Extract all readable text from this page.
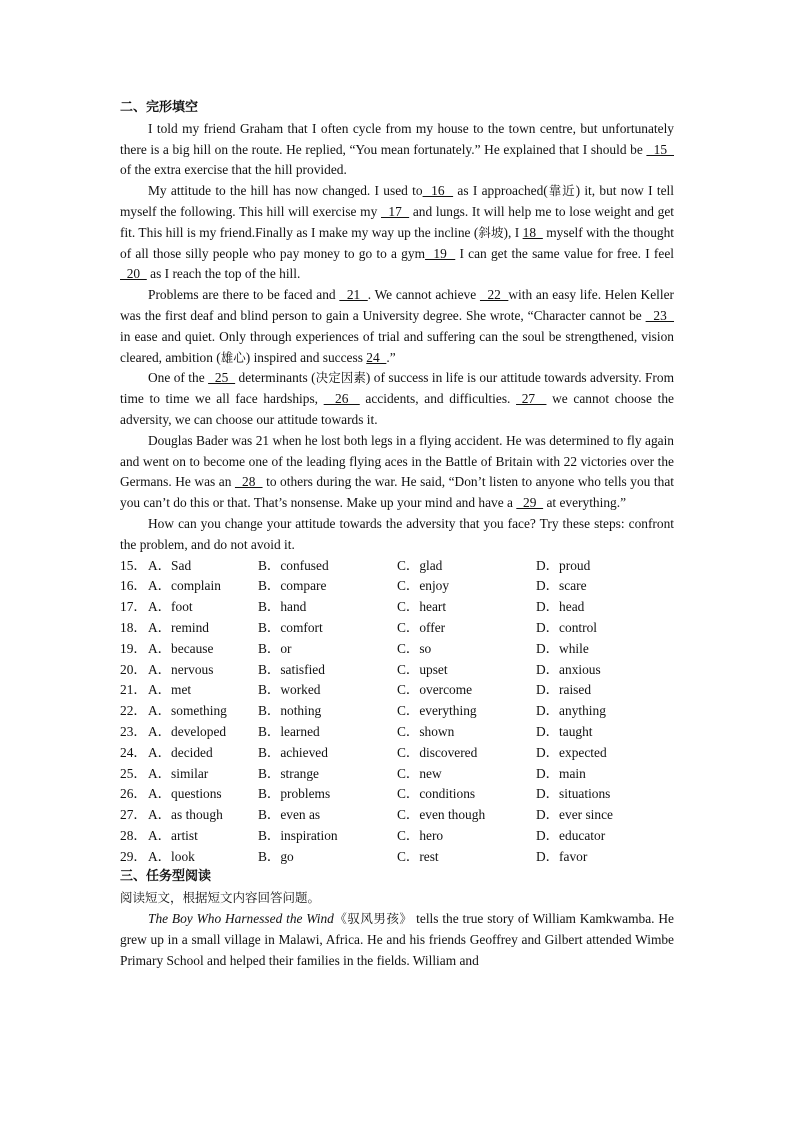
二、完形填空

I told my friend Graham that I often cycle from my house to the town centre, but unfortunately there is a big hill on the route. He replied, “You mean fortunately.” He explained that I should be   15   of the extra exercise that the hill provided.

My attitude to the hill has now changed. I used to  16   as I approached(靠近) it, but now I tell myself the following. This hill will exercise my   17   and lungs. It will help me to lose weight and get fit. This hill is my friend.Finally as I make my way up the incline (斜坡), I 18   myself with the thought of all those silly people who pay money to go to a gym  19   I can get the same value for free. I feel   20   as I reach the top of the hill.

Problems are there to be faced and   21  . We cannot achieve   22  with an easy life. Helen Keller was the first deaf and blind person to gain a University degree. She wrote, “Character cannot be   23   in ease and quiet. Only through experiences of trial and suffering can the soul be strengthened, vision cleared, ambition (雄心) inspired and success 24  .”

One of the   25   determinants (决定因素) of success in life is our attitude towards adversity. From time to time we all face hardships,   26   accidents, and difficulties.  27   we cannot choose the adversity, we can choose our attitude towards it.

Douglas Bader was 21 when he lost both legs in a flying accident. He was determined to fly again and went on to become one of the leading flying aces in the Battle of Britain with 22 victories over the Germans. He was an   28   to others during the war. He said, “Don’t listen to anyone who tells you that you can’t do this or that. That’s nonsense. Make up your mind and have a   29   at everything.”

How can you change your attitude towards the adversity that you face? Try these steps: confront the problem, and do not avoid it.

15． A．Sad	B．confused	C．glad	D．proud
16． A．complain	B．compare	C．enjoy	D．scare
17． A．foot	B．hand	C．heart	D．head
18． A．remind	B．comfort	C．offer	D．control
19． A．because	B．or	C．so	D．while
20． A．nervous	B．satisfied	C．upset	D．anxious
21． A．met	B．worked	C．overcome	D．raised
22． A．something	B．nothing	C．everything	D．anything
23． A．developed	B．learned	C．shown	D．taught
24． A．decided	B．achieved	C．discovered	D．expected
25． A．similar	B．strange	C．new	D．main
26． A．questions	B．problems	C．conditions	D．situations
27． A．as though	B．even as	C．even though	D．ever since
28． A．artist	B．inspiration	C．hero	D．educator
29． A．look	B．go	C．rest	D．favor

三、任务型阅读

阅读短文，根据短文内容回答问题。

The Boy Who Harnessed the Wind《驭风男孩》 tells the true story of William Kamkwamba. He grew up in a small village in Malawi, Africa. He and his friends Geoffrey and Gilbert attended Wimbe Primary School and helped their families in the fields. William and
